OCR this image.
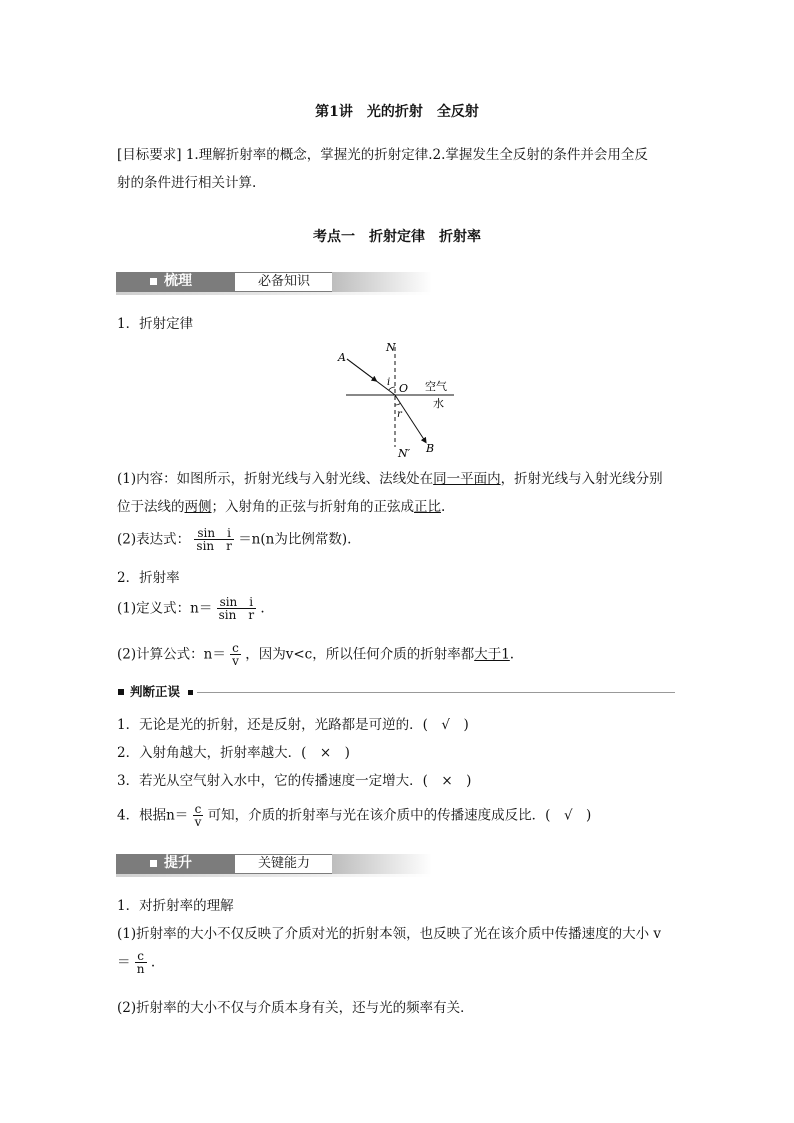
第1讲　光的折射　全反射
[目标要求] 1.理解折射率的概念，掌握光的折射定律.2.掌握发生全反射的条件并会用全反
射的条件进行相关计算.
考点一　折射定律　折射率
梳理	必备知识
1．折射定律
N
A
i O 空气
水
r
B
N′
(1)内容：如图所示，折射光线与入射光线、法线处在同一平面内，折射光线与入射光线分别
位于法线的两侧；入射角的正弦与折射角的正弦成正比.
(2)表达式： $\frac{\text{sin　i}}{\text{sin　r}} =n(n$为比例常数).
2．折射率
(1)定义式：$n= \frac{\text{sin　i}}{\text{sin　r}}$ .
(2)计算公式：$n= \frac{c}{v}$ ，因为v<c，所以任何介质的折射率都大于1.
判断正误
1．无论是光的折射，还是反射，光路都是可逆的．(　√　)
2．入射角越大，折射率越大．(　×　)
3．若光从空气射入水中，它的传播速度一定增大．(　×　)
4．根据$n= \frac{c}{v}$ 可知，介质的折射率与光在该介质中的传播速度成反比．(　√　)
提升	关键能力
1．对折射率的理解
(1)折射率的大小不仅反映了介质对光的折射本领，也反映了光在该介质中传播速度的大小 v
＝ $\frac{c}{n}$ .
(2)折射率的大小不仅与介质本身有关，还与光的频率有关．
